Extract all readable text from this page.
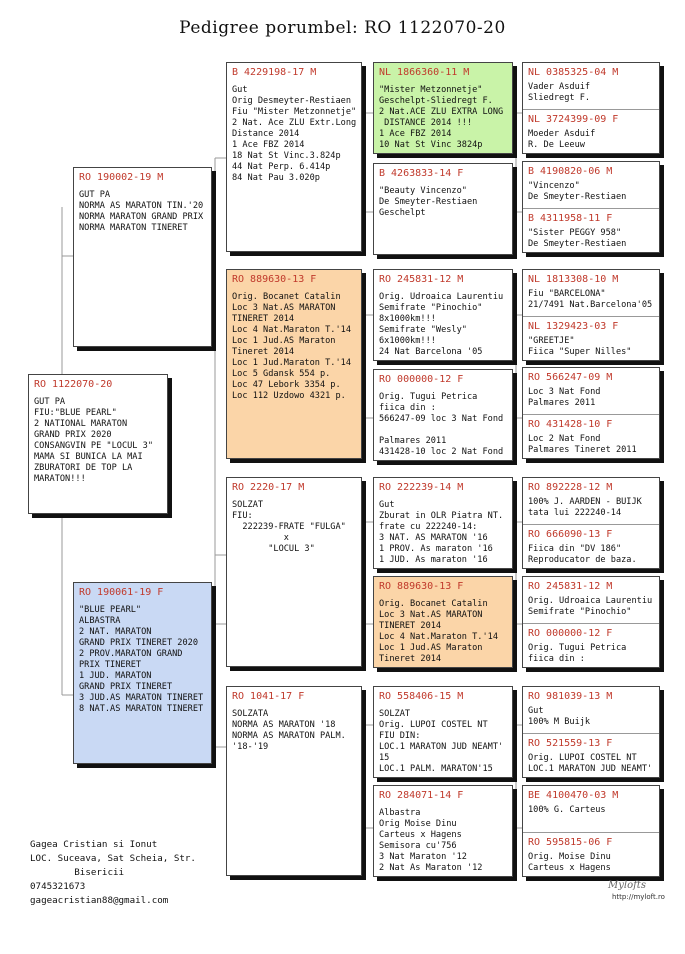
Pedigree porumbel: RO 1122070-20
RO 1122070-20
GUT PA
FIU:"BLUE PEARL"
2 NATIONAL MARATON
GRAND PRIX 2020
CONSANGVIN PE "LOCUL 3"
MAMA SI BUNICA LA MAI
ZBURATORI DE TOP LA
MARATON!!!
RO 190002-19 M
GUT PA
NORMA AS MARATON TIN.'20
NORMA MARATON GRAND PRIX
NORMA MARATON TINERET
RO 190061-19 F
"BLUE PEARL"
ALBASTRA
2 NAT. MARATON
GRAND PRIX TINERET 2020
2 PROV.MARATON GRAND
PRIX TINERET
1 JUD. MARATON
GRAND PRIX TINERET
3 JUD.AS MARATON TINERET
8 NAT.AS MARATON TINERET
B 4229198-17 M
Gut
Orig Desmeyter-Restiaen
Fiu "Mister Metzonnetje"
2 Nat. Ace ZLU Extr.Long
Distance 2014
1 Ace FBZ 2014
18 Nat St Vinc.3.824p
44 Nat Perp. 6.414p
84 Nat Pau 3.020p
RO 889630-13 F
Orig. Bocanet Catalin
Loc 3 Nat.AS MARATON
TINERET 2014
Loc 4 Nat.Maraton T.'14
Loc 1 Jud.AS Maraton
Tineret 2014
Loc 1 Jud.Maraton T.'14
Loc 5 Gdansk 554 p.
Loc 47 Lebork 3354 p.
Loc 112 Uzdowo 4321 p.
RO 2220-17 M
SOLZAT
FIU:
222239-FRATE "FULGA"
x
"LOCUL 3"
RO 1041-17 F
SOLZATA
NORMA AS MARATON '18
NORMA AS MARATON PALM.
'18-'19
NL 1866360-11 M
"Mister Metzonnetje"
Geschelpt-Sliedregt F.
2 Nat.ACE ZLU EXTRA LONG
DISTANCE 2014 !!!
1 Ace FBZ 2014
10 Nat St Vinc 3824p
B 4263833-14 F
"Beauty Vincenzo"
De Smeyter-Restiaen
Geschelpt
RO 245831-12 M
Orig. Udroaica Laurentiu
Semifrate "Pinochio"
8x1000km!!!
Semifrate "Wesly"
6x1000km!!!
24 Nat Barcelona '05
RO 000000-12 F
Orig. Tugui Petrica
fiica din :
566247-09 loc 3 Nat Fond

Palmares 2011
431428-10 loc 2 Nat Fond
RO 222239-14 M
Gut
Zburat in OLR Piatra NT.
frate cu 222240-14:
3 NAT. AS MARATON '16
1 PROV. As maraton '16
1 JUD. As maraton '16
RO 889630-13 F
Orig. Bocanet Catalin
Loc 3 Nat.AS MARATON
TINERET 2014
Loc 4 Nat.Maraton T.'14
Loc 1 Jud.AS Maraton
Tineret 2014
RO 558406-15 M
SOLZAT
Orig. LUPOI COSTEL NT
FIU DIN:
LOC.1 MARATON JUD NEAMT'
15
LOC.1 PALM. MARATON'15
RO 284071-14 F
Albastra
Orig Moise Dinu
Carteus x Hagens
Semisora cu'756
3 Nat Maraton '12
2 Nat As Maraton '12
NL 0385325-04 M
Vader Asduif
Sliedregt F.
NL 3724399-09 F
Moeder Asduif
R. De Leeuw
B 4190820-06 M
"Vincenzo"
De Smeyter-Restiaen
B 4311958-11 F
"Sister PEGGY 958"
De Smeyter-Restiaen
NL 1813308-10 M
Fiu "BARCELONA"
21/7491 Nat.Barcelona'05
NL 1329423-03 F
"GREETJE"
Fiica "Super Nilles"
RO 566247-09 M
Loc 3 Nat Fond
Palmares 2011
RO 431428-10 F
Loc 2 Nat Fond
Palmares Tineret 2011
RO 892228-12 M
100% J. AARDEN - BUIJK
tata lui 222240-14
RO 666090-13 F
Fiica din "DV 186"
Reproducator de baza.
RO 245831-12 M
Orig. Udroaica Laurentiu
Semifrate "Pinochio"
RO 000000-12 F
Orig. Tugui Petrica
fiica din :
RO 981039-13 M
Gut
100% M Buijk
RO 521559-13 F
Orig. LUPOI COSTEL NT
LOC.1 MARATON JUD NEAMT'
BE 4100470-03 M
100% G. Carteus
RO 595815-06 F
Orig. Moise Dinu
Carteus x Hagens
Gagea Cristian si Ionut
LOC. Suceava, Sat Scheia, Str.
Bisericii
0745321673
gageacristian88@gmail.com
Mylofts
http://myloft.ro
